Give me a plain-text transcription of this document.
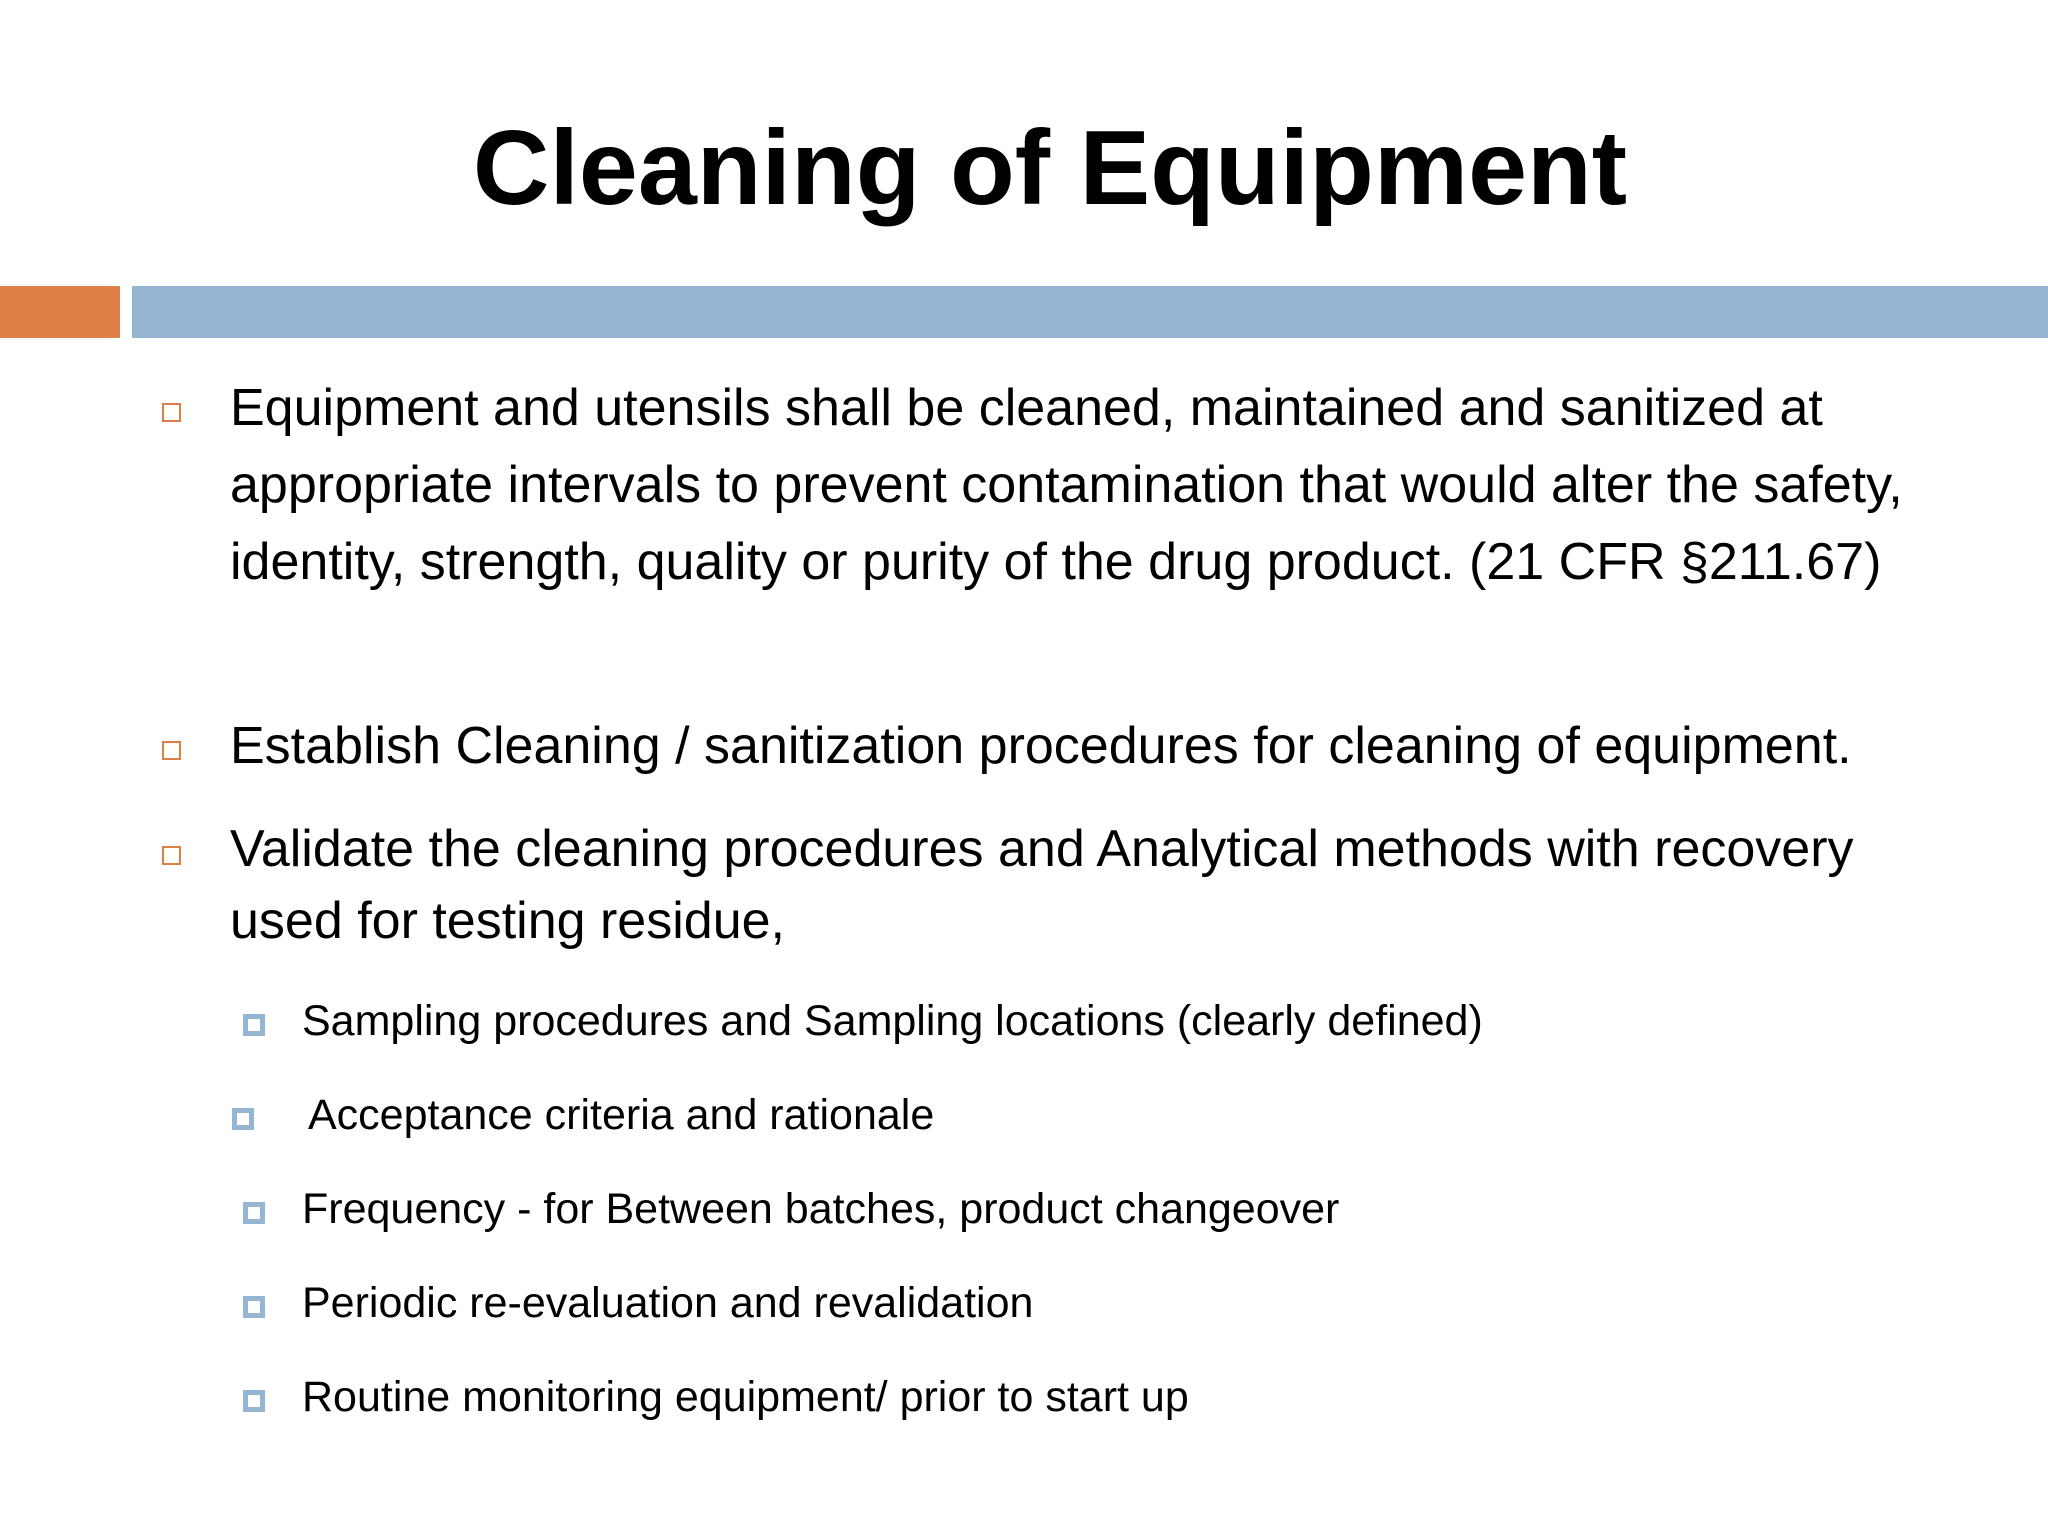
Cleaning of Equipment
Equipment and utensils shall be cleaned, maintained and sanitized at appropriate intervals to prevent contamination that would alter the safety, identity, strength, quality or purity of the drug product. (21 CFR §211.67)
Establish Cleaning / sanitization procedures for cleaning of equipment.
Validate the cleaning procedures and Analytical methods with recovery used for testing residue,
Sampling procedures and Sampling locations (clearly defined)
Acceptance criteria and rationale
Frequency - for Between batches, product changeover
Periodic re-evaluation and revalidation
Routine monitoring equipment/ prior to start up
